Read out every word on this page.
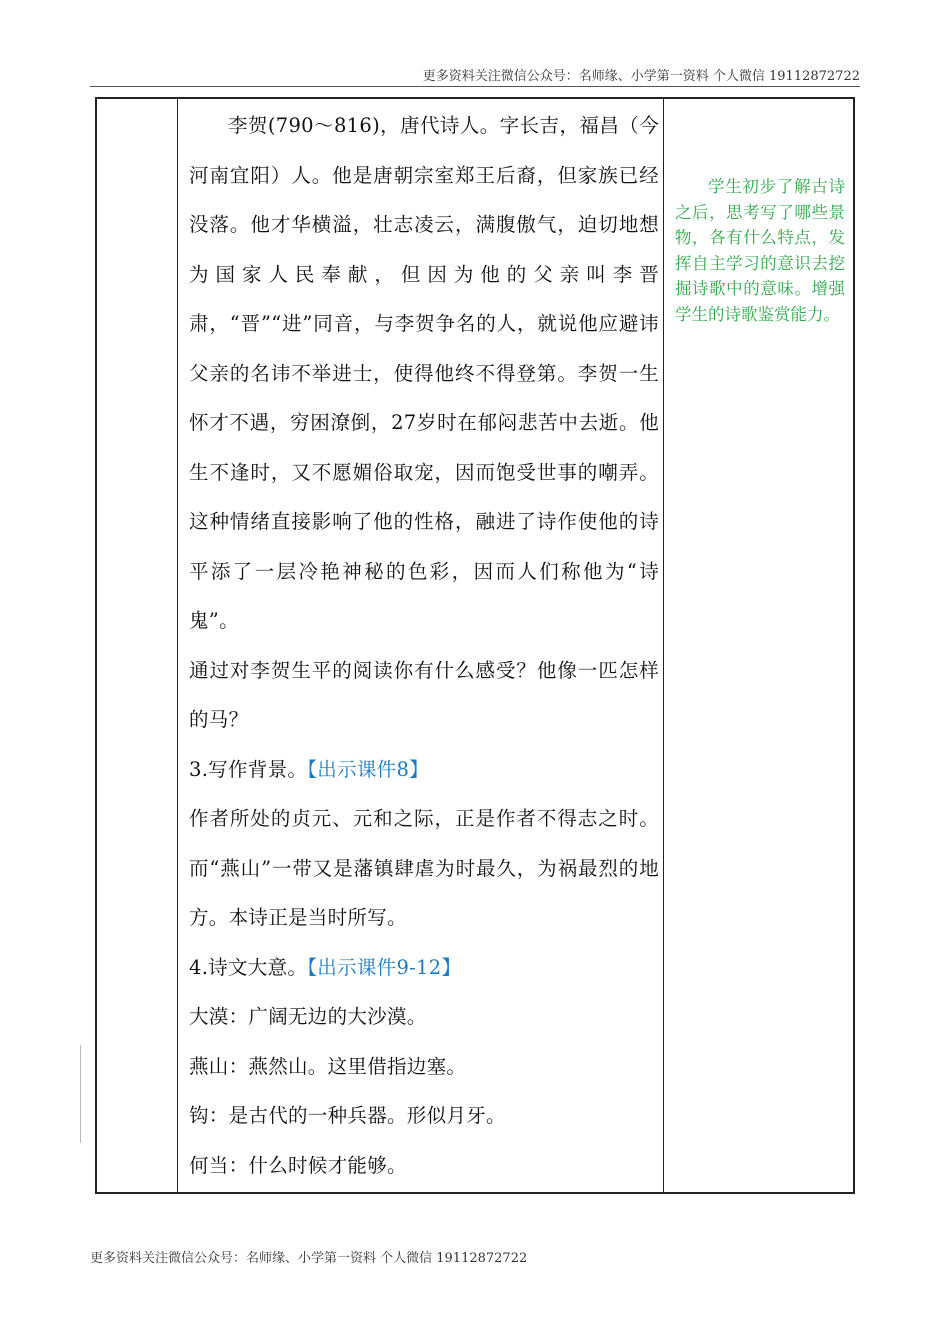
更多资料关注微信公众号：名师缘、小学第一资料 个人微信 19112872722

李贺(790～816)，唐代诗人。字长吉，福昌（今河南宜阳）人。他是唐朝宗室郑王后裔，但家族已经没落。他才华横溢，壮志凌云，满腹傲气，迫切地想为国家人民奉献，但因为他的父亲叫李晋肃，“晋”“进”同音，与李贺争名的人，就说他应避讳父亲的名讳不举进士，使得他终不得登第。李贺一生怀才不遇，穷困潦倒，27岁时在郁闷悲苦中去逝。他生不逢时，又不愿媚俗取宠，因而饱受世事的嘲弄。这种情绪直接影响了他的性格，融进了诗作使他的诗平添了一层冷艳神秘的色彩，因而人们称他为“诗鬼”。

通过对李贺生平的阅读你有什么感受？他像一匹怎样的马？

3.写作背景。【出示课件8】

作者所处的贞元、元和之际，正是作者不得志之时。而“燕山”一带又是藩镇肆虐为时最久，为祸最烈的地方。本诗正是当时所写。

4.诗文大意。【出示课件9-12】

大漠：广阔无边的大沙漠。

燕山：燕然山。这里借指边塞。

钩：是古代的一种兵器。形似月牙。

何当：什么时候才能够。

学生初步了解古诗之后，思考写了哪些景物，各有什么特点，发挥自主学习的意识去挖掘诗歌中的意味。增强学生的诗歌鉴赏能力。

更多资料关注微信公众号：名师缘、小学第一资料 个人微信 19112872722
